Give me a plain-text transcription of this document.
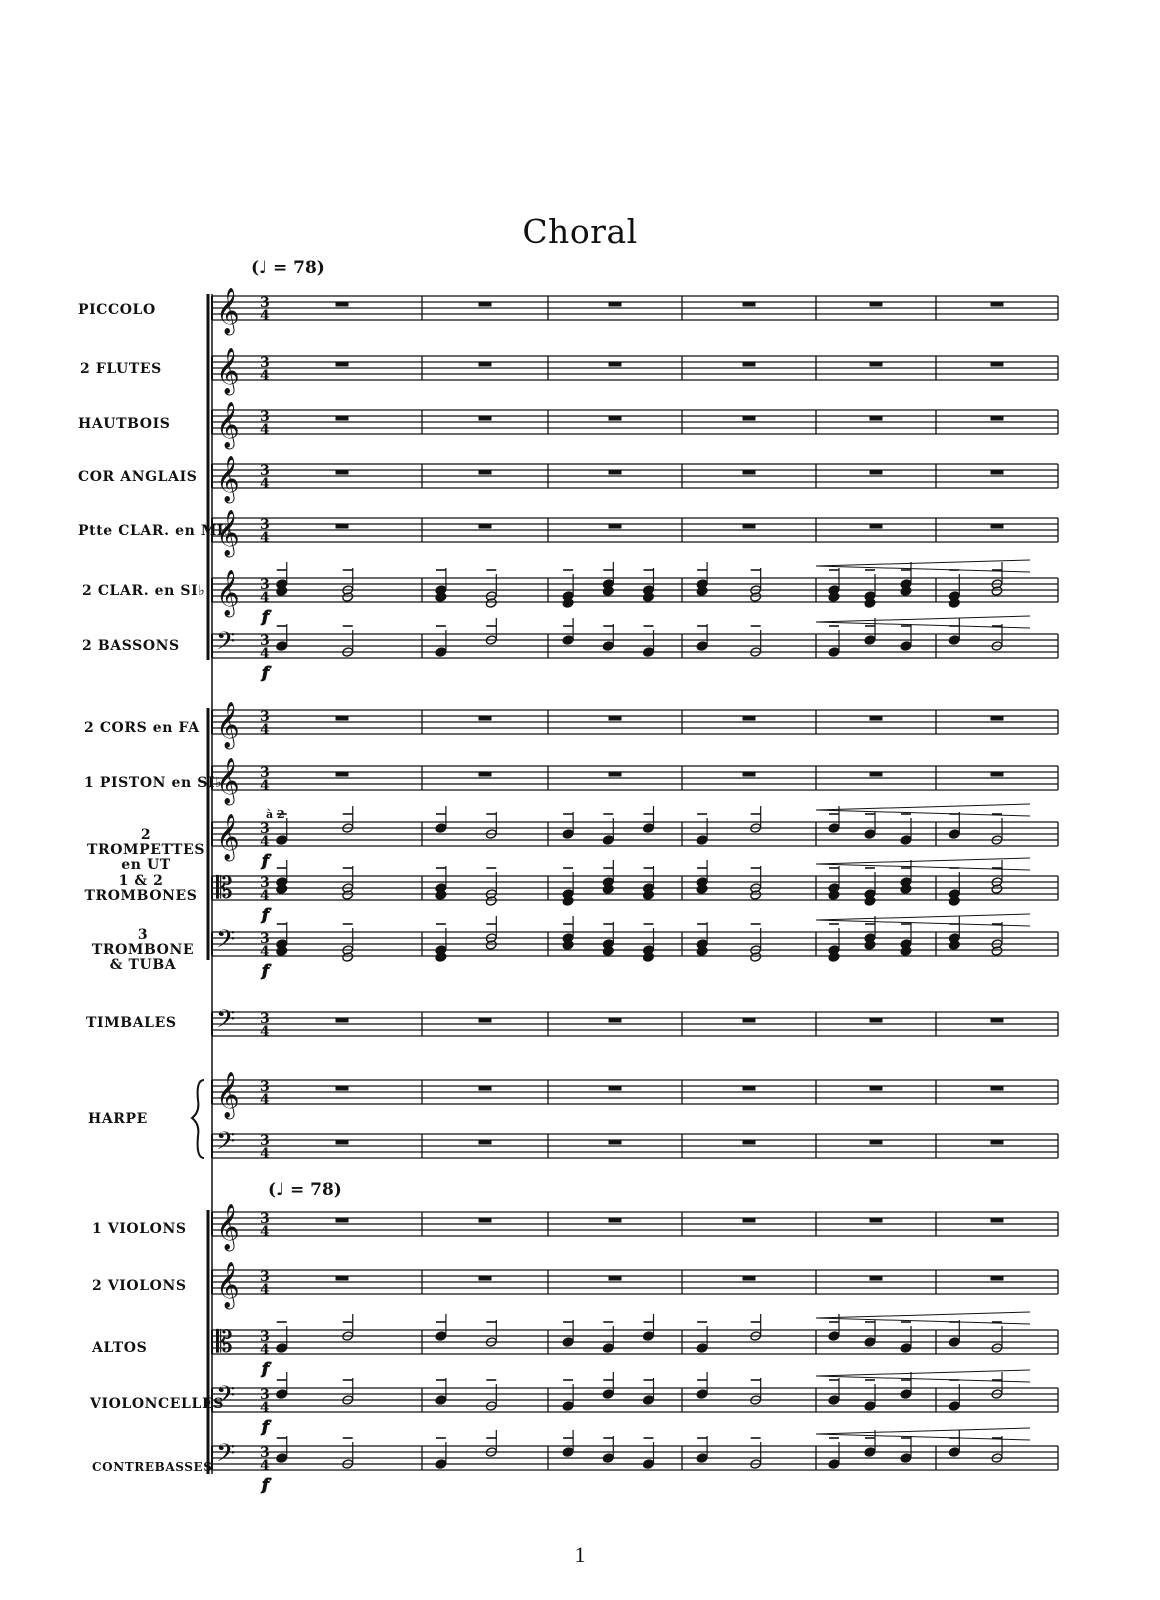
Choral
(♩ = 78)
(♩ = 78)
PICCOLO
2 FLUTES
HAUTBOIS
COR ANGLAIS
Ptte CLAR. en MI♭
2 CLAR. en SI♭
2 BASSONS
2 CORS en FA
1 PISTON en SI♭
2 TROMPETTES en UT
1 & 2 TROMBONES
3 TROMBONE & TUBA
TIMBALES
HARPE
1 VIOLONS
2 VIOLONS
ALTOS
VIOLONCELLES
CONTREBASSES
𝄞 3
4
𝄞 3
4
𝄞 3
4
𝄞 3
4
𝄞 3
4
𝄞 3
4
𝄢 3
4
𝄞 3
4
𝄞 3
4
𝄞 3
4
𝄡 3
4
𝄢 3
4
𝄢 3
4
𝄞 3
4
𝄢 3
4
𝄞 3
4
𝄞 3
4
𝄡 3
4
𝄢 3
4
𝄢 3
4
f
f
f
f
f
f
f
f
à 2
1
